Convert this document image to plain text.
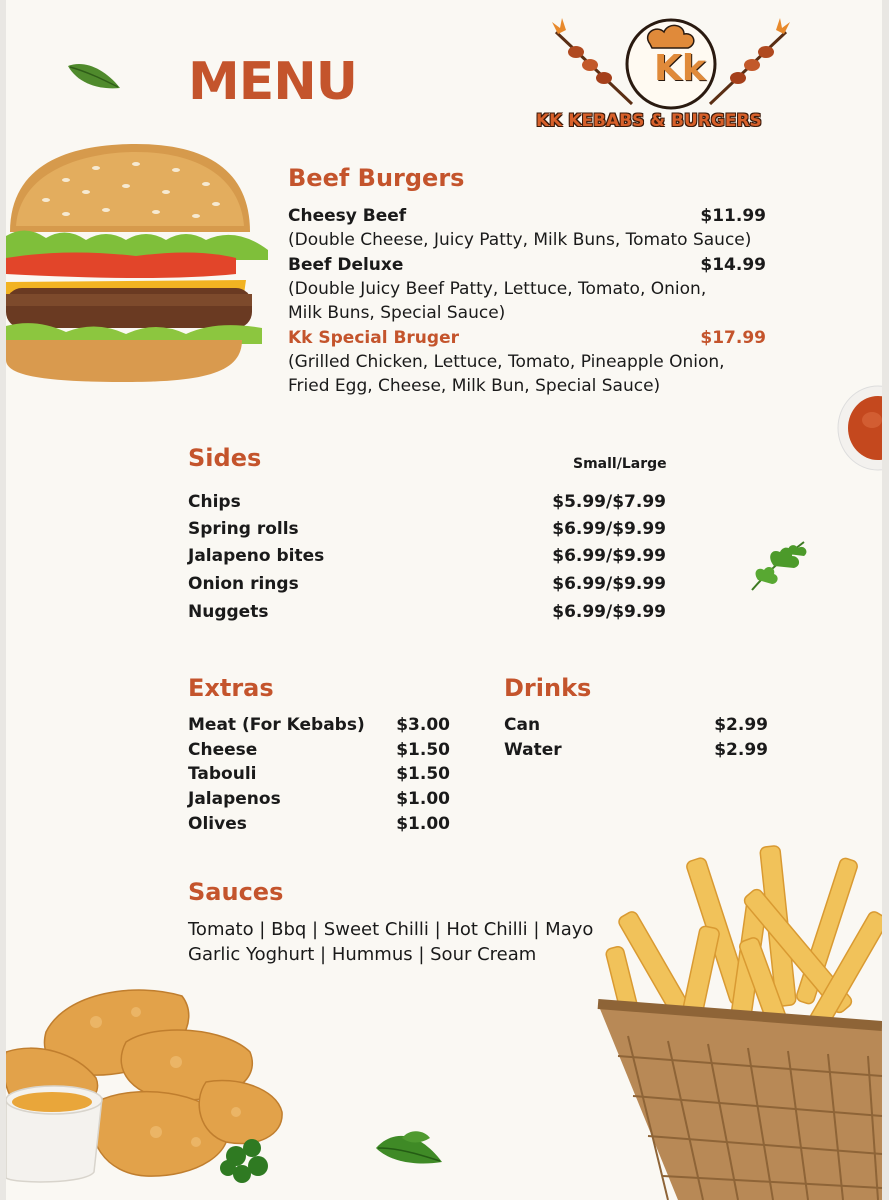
MENU	Kk
KK KEBABS & BURGERS
Beef Burgers
Cheesy Beef	$11.99
(Double Cheese, Juicy Patty, Milk Buns, Tomato Sauce)
Beef Deluxe	$14.99
(Double Juicy Beef Patty, Lettuce, Tomato, Onion,
Milk Buns, Special Sauce)
Kk Special Bruger	$17.99
(Grilled Chicken, Lettuce, Tomato, Pineapple Onion,
Fried Egg, Cheese, Milk Bun, Special Sauce)
Sides	Small/Large
Chips	$5.99/$7.99
Spring rolls	$6.99/$9.99
Jalapeno bites	$6.99/$9.99
Onion rings	$6.99/$9.99
Nuggets	$6.99/$9.99
Extras
Meat (For Kebabs)	$3.00
Cheese	$1.50
Tabouli	$1.50
Jalapenos	$1.00
Olives	$1.00
Drinks
Can	$2.99
Water	$2.99
Sauces
Tomato | Bbq | Sweet Chilli | Hot Chilli | Mayo
Garlic Yoghurt | Hummus | Sour Cream
